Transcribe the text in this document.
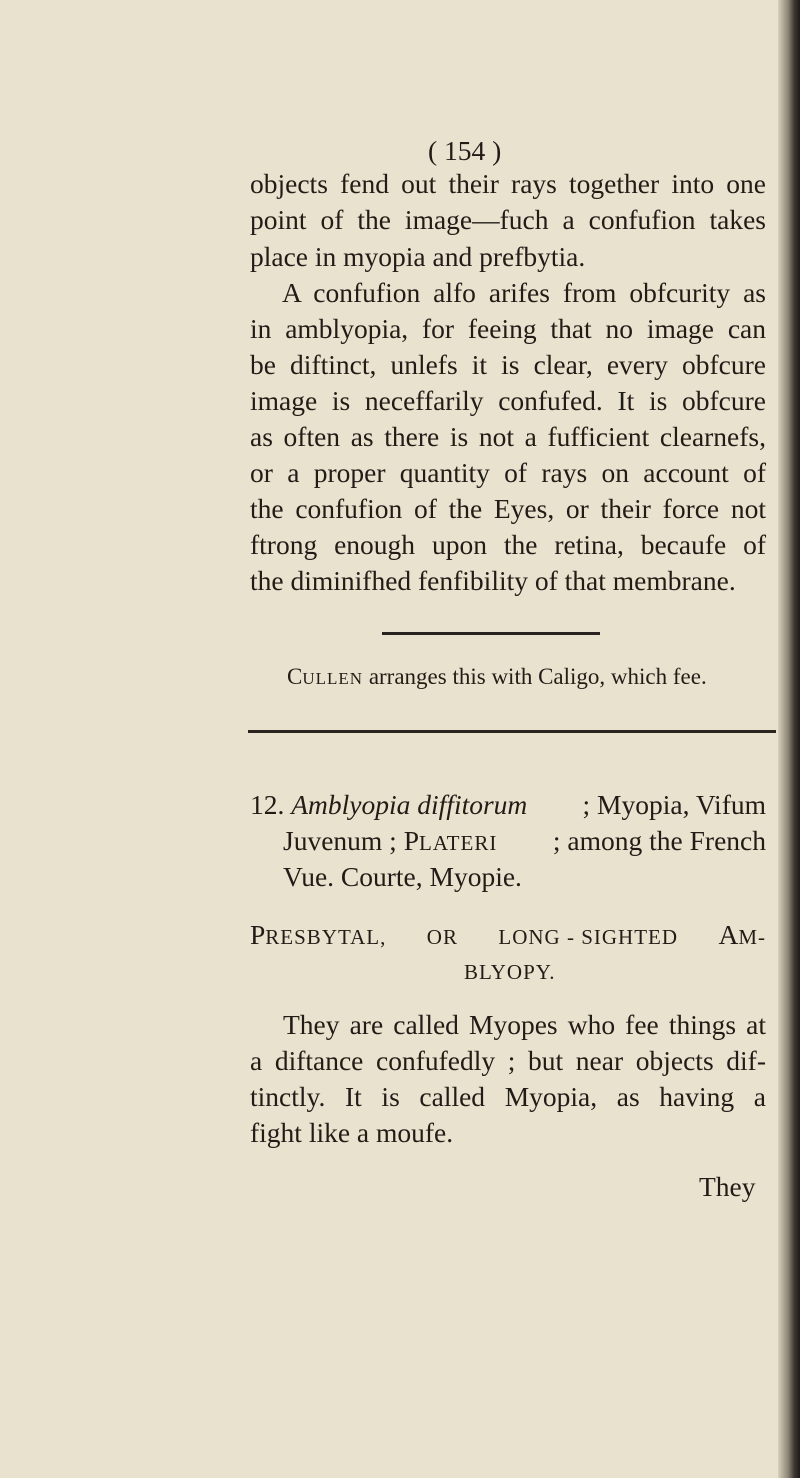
( 154 )
objects fend out their rays together into one
point of the image—fuch a confufion takes
place in myopia and prefbytia.
A confufion alfo arifes from obfcurity as
in amblyopia, for feeing that no image can
be diftinct, unlefs it is clear, every obfcure
image is neceffarily confufed. It is obfcure
as often as there is not a fufficient clearnefs,
or a proper quantity of rays on account of
the confufion of the Eyes, or their force not
ftrong enough upon the retina, becaufe of
the diminifhed fenfibility of that membrane.
CULLEN arranges this with Caligo, which fee.
12. Amblyopia diffitorum ; Myopia, Vifum
Juvenum ; PLATERI ; among the French
Vue. Courte, Myopie.
PRESBYTAL, OR LONG - SIGHTED AM-
BLYOPY.
They are called Myopes who fee things at
a diftance confufedly ; but near objects dif-
tinctly. It is called Myopia, as having a
fight like a moufe.
They
